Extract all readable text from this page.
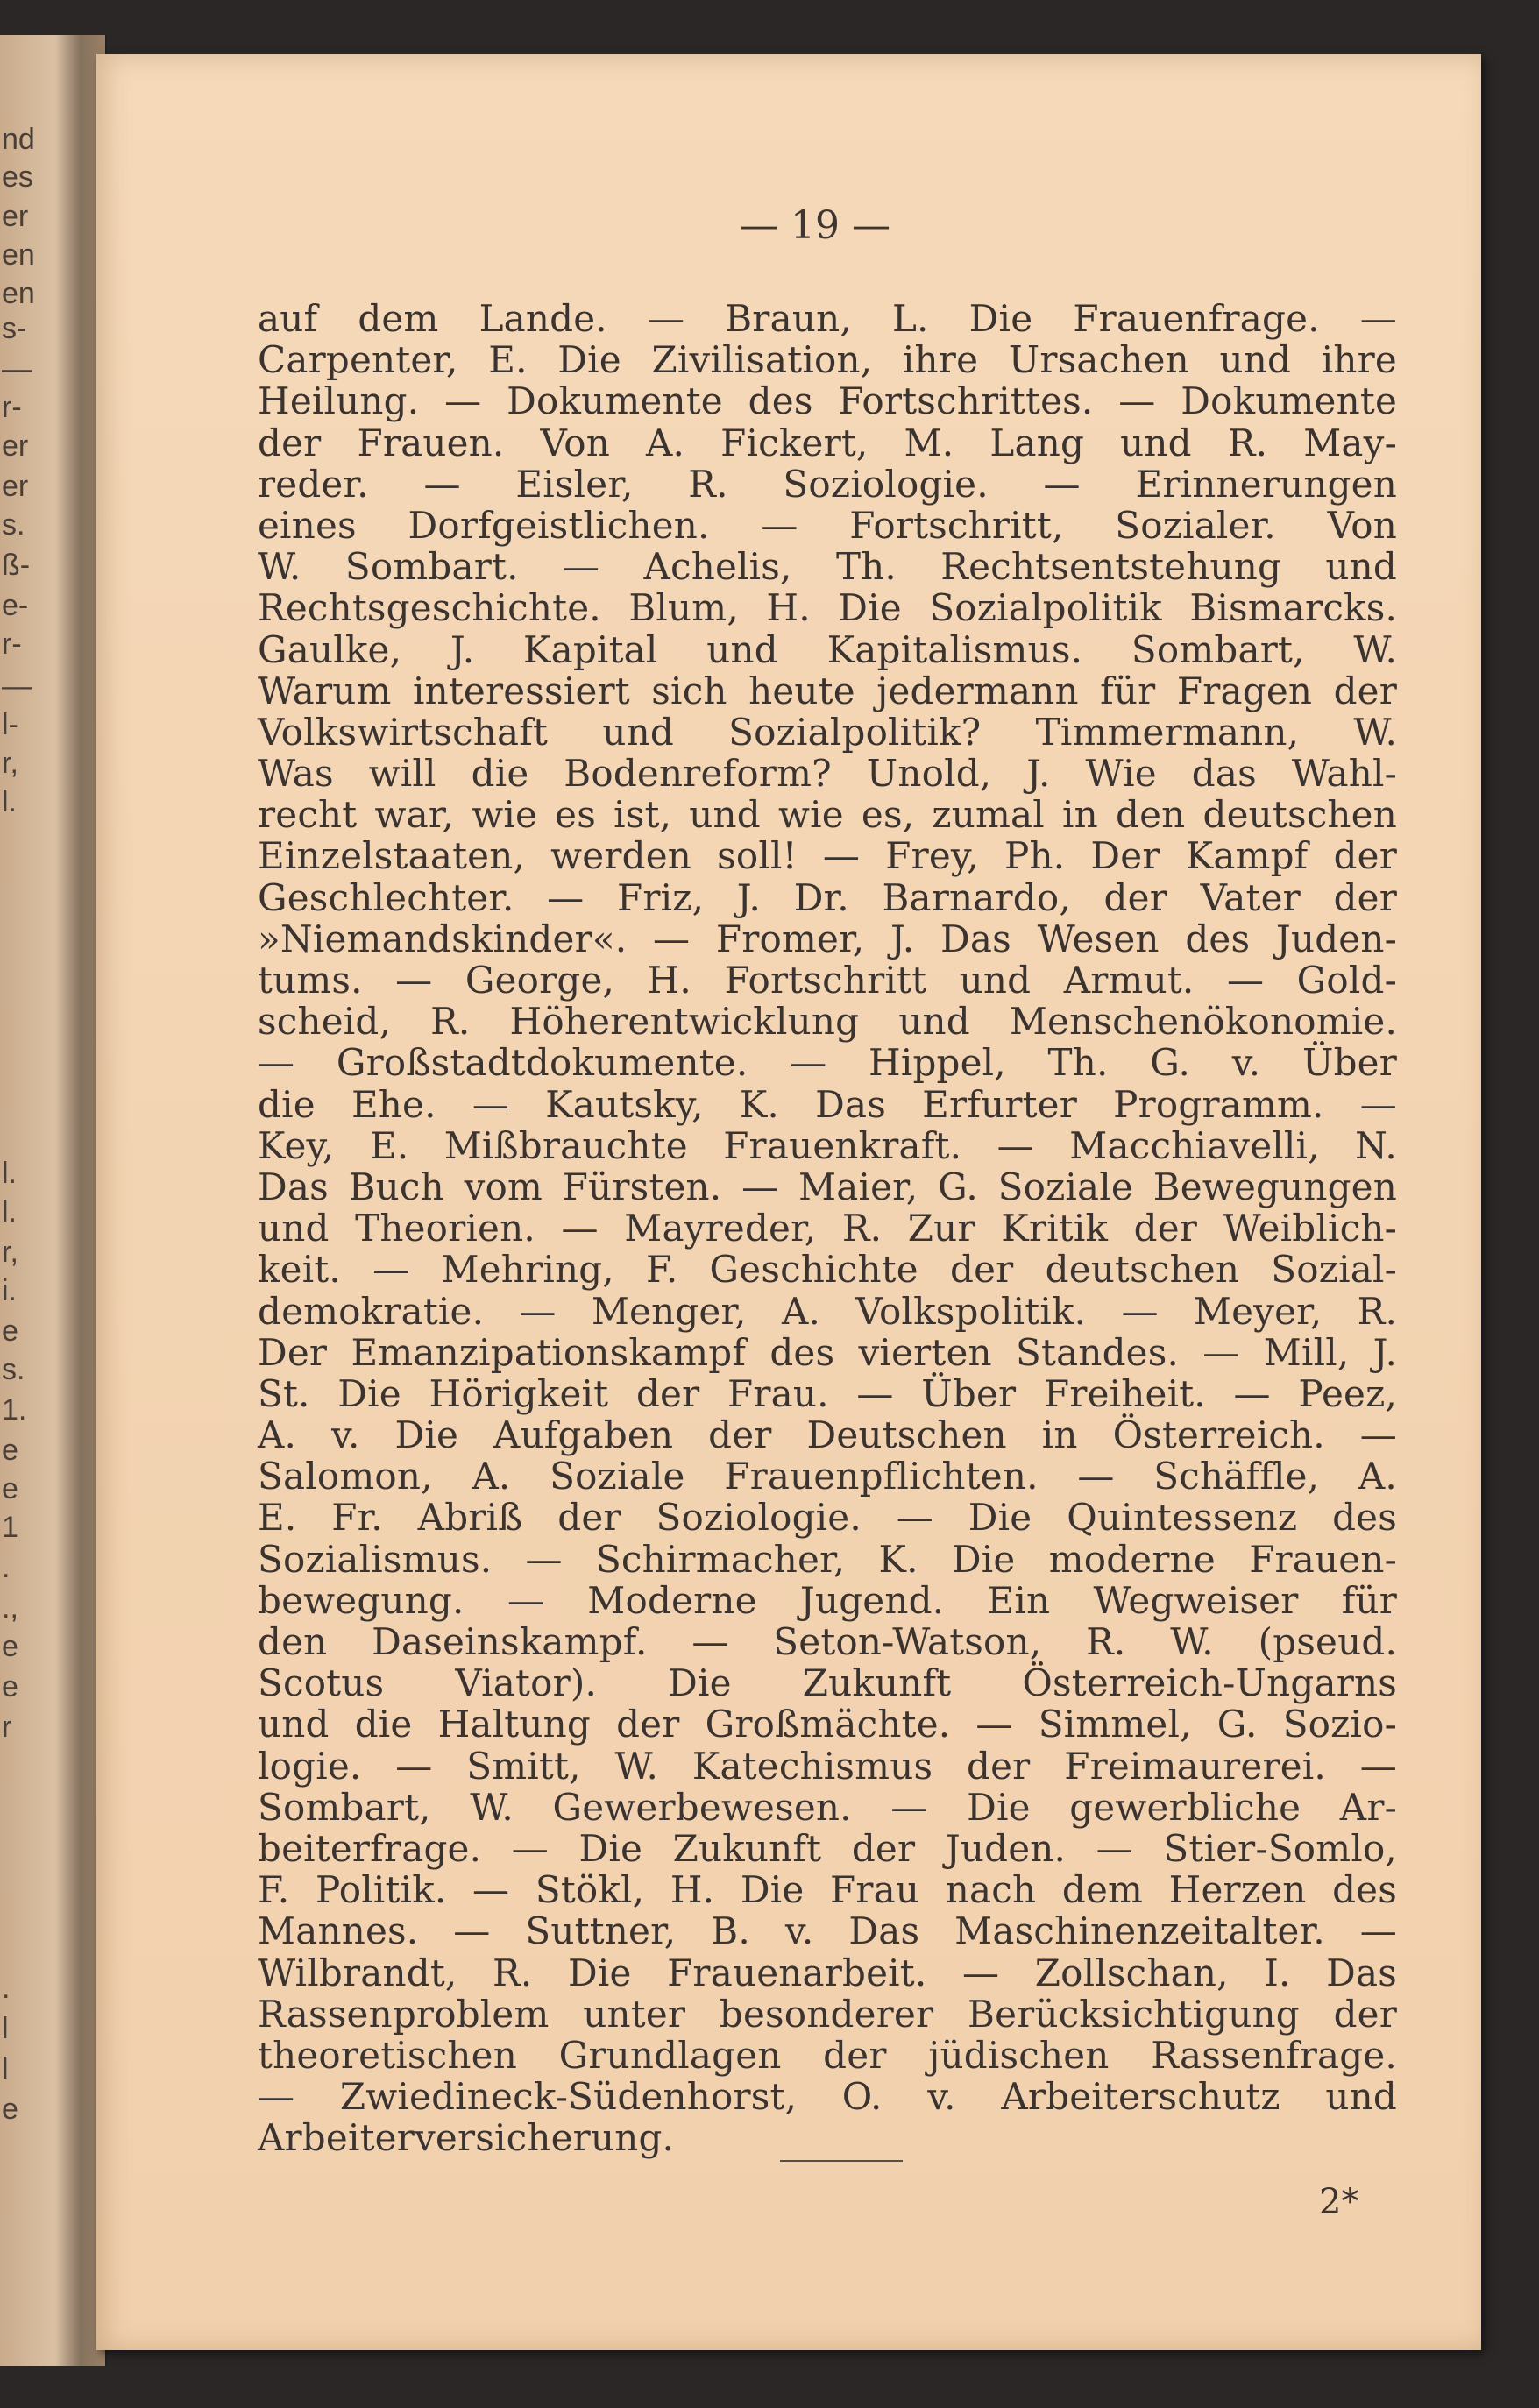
nd
es
er
en
en
s-
—
r-
er
er
s.
ß-
e-
r-
—
l-
r,
l.
l.
l.
r,
i.
e
s.
1.
e
e
1
.
.,
e
e
r
.
l
l
e
— 19 —
auf dem Lande. — Braun, L. Die Frauenfrage. —
Carpenter, E. Die Zivilisation, ihre Ursachen und ihre
Heilung. — Dokumente des Fortschrittes. — Dokumente
der Frauen. Von A. Fickert, M. Lang und R. May-
reder. — Eisler, R. Soziologie. — Erinnerungen
eines Dorfgeistlichen. — Fortschritt, Sozialer. Von
W. Sombart. — Achelis, Th. Rechtsentstehung und
Rechtsgeschichte. Blum, H. Die Sozialpolitik Bismarcks.
Gaulke, J. Kapital und Kapitalismus. Sombart, W.
Warum interessiert sich heute jedermann für Fragen der
Volkswirtschaft und Sozialpolitik? Timmermann, W.
Was will die Bodenreform? Unold, J. Wie das Wahl-
recht war, wie es ist, und wie es, zumal in den deutschen
Einzelstaaten, werden soll! — Frey, Ph. Der Kampf der
Geschlechter. — Friz, J. Dr. Barnardo, der Vater der
»Niemandskinder«. — Fromer, J. Das Wesen des Juden-
tums. — George, H. Fortschritt und Armut. — Gold-
scheid, R. Höherentwicklung und Menschenökonomie.
— Großstadtdokumente. — Hippel, Th. G. v. Über
die Ehe. — Kautsky, K. Das Erfurter Programm. —
Key, E. Mißbrauchte Frauenkraft. — Macchiavelli, N.
Das Buch vom Fürsten. — Maier, G. Soziale Bewegungen
und Theorien. — Mayreder, R. Zur Kritik der Weiblich-
keit. — Mehring, F. Geschichte der deutschen Sozial-
demokratie. — Menger, A. Volkspolitik. — Meyer, R.
Der Emanzipationskampf des vierten Standes. — Mill, J.
St. Die Hörigkeit der Frau. — Über Freiheit. — Peez,
A. v. Die Aufgaben der Deutschen in Österreich. —
Salomon, A. Soziale Frauenpflichten. — Schäffle, A.
E. Fr. Abriß der Soziologie. — Die Quintessenz des
Sozialismus. — Schirmacher, K. Die moderne Frauen-
bewegung. — Moderne Jugend. Ein Wegweiser für
den Daseinskampf. — Seton-Watson, R. W. (pseud.
Scotus Viator). Die Zukunft Österreich-Ungarns
und die Haltung der Großmächte. — Simmel, G. Sozio-
logie. — Smitt, W. Katechismus der Freimaurerei. —
Sombart, W. Gewerbewesen. — Die gewerbliche Ar-
beiterfrage. — Die Zukunft der Juden. — Stier-Somlo,
F. Politik. — Stökl, H. Die Frau nach dem Herzen des
Mannes. — Suttner, B. v. Das Maschinenzeitalter. —
Wilbrandt, R. Die Frauenarbeit. — Zollschan, I. Das
Rassenproblem unter besonderer Berücksichtigung der
theoretischen Grundlagen der jüdischen Rassenfrage.
— Zwiedineck-Südenhorst, O. v. Arbeiterschutz und
Arbeiterversicherung.
2*
